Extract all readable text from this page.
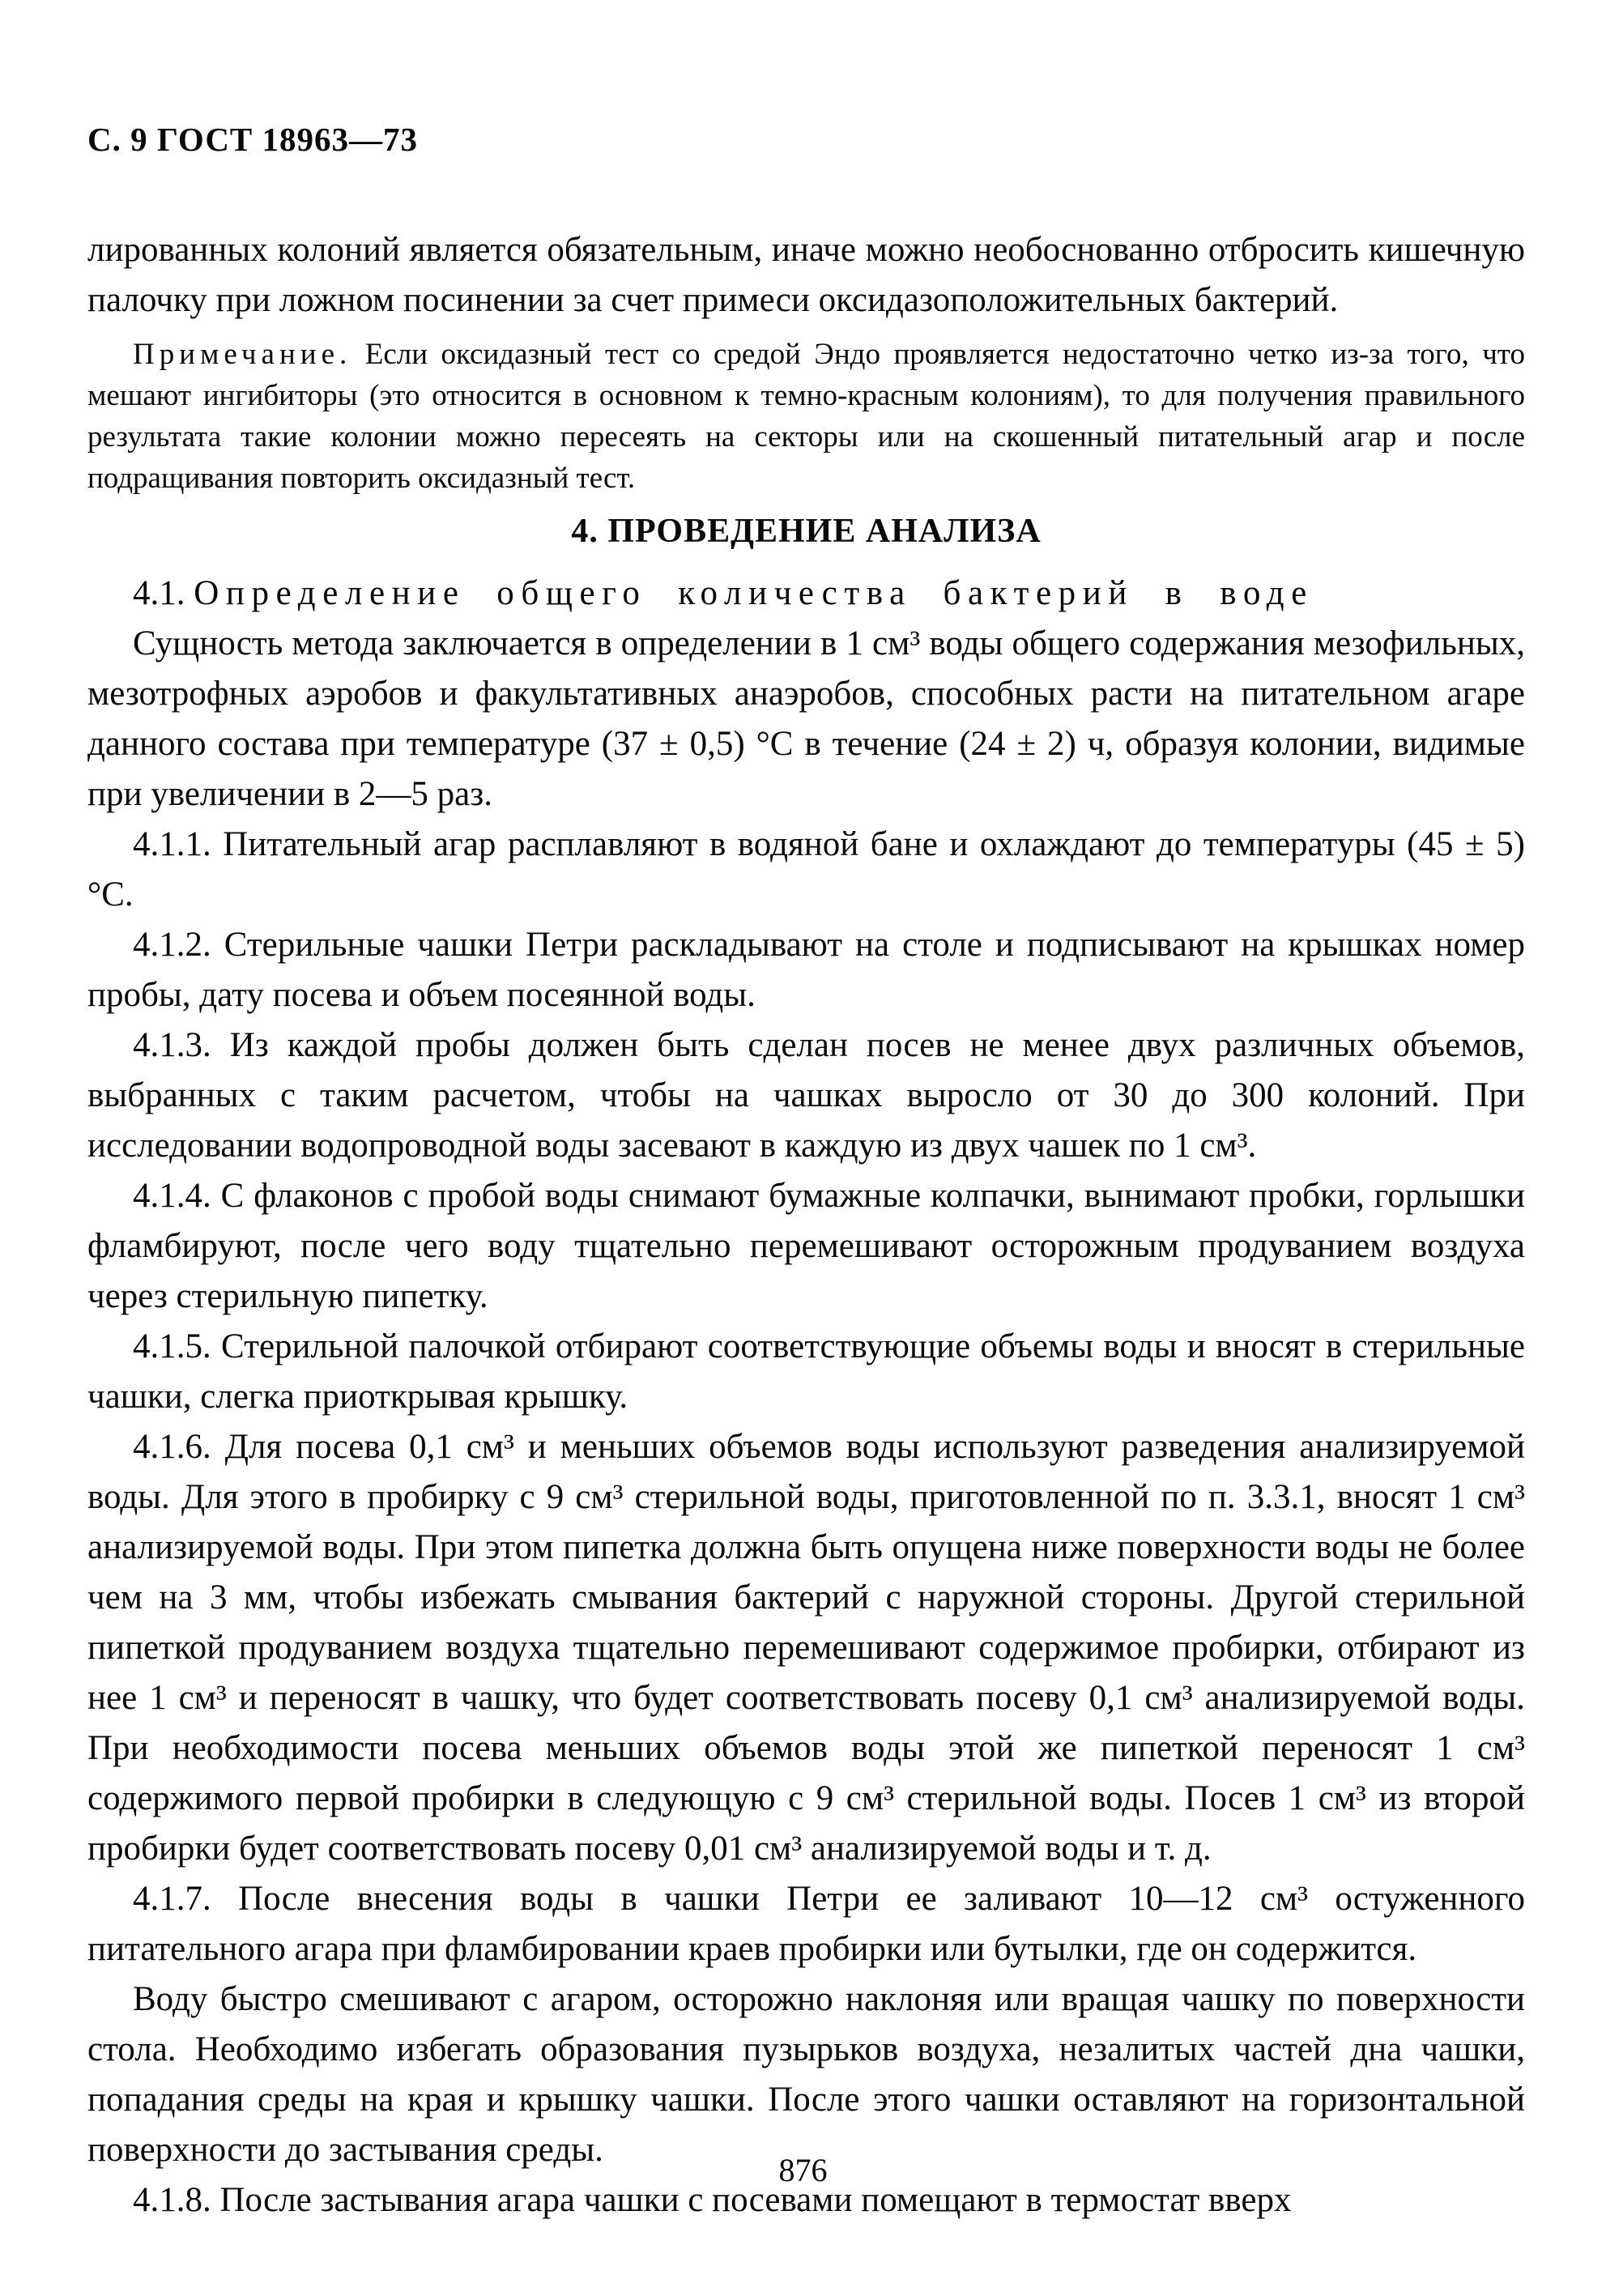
С. 9 ГОСТ 18963—73

лированных колоний является обязательным, иначе можно необоснованно отбросить кишечную палочку при ложном посинении за счет примеси оксидазоположительных бактерий.

Примечание. Если оксидазный тест со средой Эндо проявляется недостаточно четко из-за того, что мешают ингибиторы (это относится в основном к темно-красным колониям), то для получения правильного результата такие колонии можно пересеять на секторы или на скошенный питательный агар и после подращивания повторить оксидазный тест.

4. ПРОВЕДЕНИЕ АНАЛИЗА

4.1. Определение общего количества бактерий в воде

Сущность метода заключается в определении в 1 см³ воды общего содержания мезофильных, мезотрофных аэробов и факультативных анаэробов, способных расти на питательном агаре данного состава при температуре (37 ± 0,5) °С в течение (24 ± 2) ч, образуя колонии, видимые при увеличении в 2—5 раз.

4.1.1. Питательный агар расплавляют в водяной бане и охлаждают до температуры (45 ± 5) °С.

4.1.2. Стерильные чашки Петри раскладывают на столе и подписывают на крышках номер пробы, дату посева и объем посеянной воды.

4.1.3. Из каждой пробы должен быть сделан посев не менее двух различных объемов, выбранных с таким расчетом, чтобы на чашках выросло от 30 до 300 колоний. При исследовании водопроводной воды засевают в каждую из двух чашек по 1 см³.

4.1.4. С флаконов с пробой воды снимают бумажные колпачки, вынимают пробки, горлышки фламбируют, после чего воду тщательно перемешивают осторожным продуванием воздуха через стерильную пипетку.

4.1.5. Стерильной палочкой отбирают соответствующие объемы воды и вносят в стерильные чашки, слегка приоткрывая крышку.

4.1.6. Для посева 0,1 см³ и меньших объемов воды используют разведения анализируемой воды. Для этого в пробирку с 9 см³ стерильной воды, приготовленной по п. 3.3.1, вносят 1 см³ анализируемой воды. При этом пипетка должна быть опущена ниже поверхности воды не более чем на 3 мм, чтобы избежать смывания бактерий с наружной стороны. Другой стерильной пипеткой продуванием воздуха тщательно перемешивают содержимое пробирки, отбирают из нее 1 см³ и переносят в чашку, что будет соответствовать посеву 0,1 см³ анализируемой воды. При необходимости посева меньших объемов воды этой же пипеткой переносят 1 см³ содержимого первой пробирки в следующую с 9 см³ стерильной воды. Посев 1 см³ из второй пробирки будет соответствовать посеву 0,01 см³ анализируемой воды и т. д.

4.1.7. После внесения воды в чашки Петри ее заливают 10—12 см³ остуженного питательного агара при фламбировании краев пробирки или бутылки, где он содержится.

Воду быстро смешивают с агаром, осторожно наклоняя или вращая чашку по поверхности стола. Необходимо избегать образования пузырьков воздуха, незалитых частей дна чашки, попадания среды на края и крышку чашки. После этого чашки оставляют на горизонтальной поверхности до застывания среды.

4.1.8. После застывания агара чашки с посевами помещают в термостат вверх

876
